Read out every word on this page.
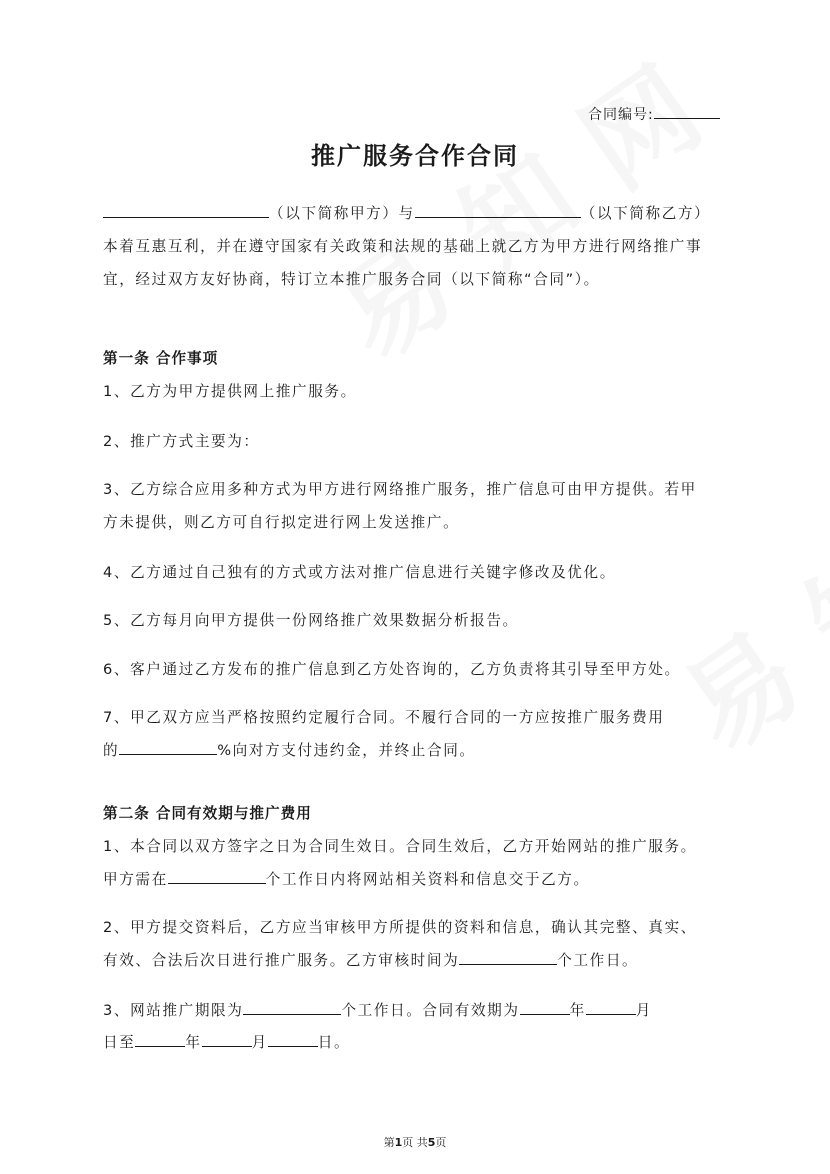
合同编号:
推广服务合作合同
（以下简称甲方）与	（以下简称乙方）
本着互惠互利，并在遵守国家有关政策和法规的基础上就乙方为甲方进行网络推广事
宜，经过双方友好协商，特订立本推广服务合同（以下简称“合同”）。
第一条 合作事项
1、乙方为甲方提供网上推广服务。
2、推广方式主要为：
3、乙方综合应用多种方式为甲方进行网络推广服务，推广信息可由甲方提供。若甲
方未提供，则乙方可自行拟定进行网上发送推广。
4、乙方通过自己独有的方式或方法对推广信息进行关键字修改及优化。
5、乙方每月向甲方提供一份网络推广效果数据分析报告。
6、客户通过乙方发布的推广信息到乙方处咨询的，乙方负责将其引导至甲方处。
7、甲乙双方应当严格按照约定履行合同。不履行合同的一方应按推广服务费用
的	%向对方支付违约金，并终止合同。
第二条 合同有效期与推广费用
1、本合同以双方签字之日为合同生效日。合同生效后，乙方开始网站的推广服务。
甲方需在	个工作日内将网站相关资料和信息交于乙方。
2、甲方提交资料后，乙方应当审核甲方所提供的资料和信息，确认其完整、真实、
有效、合法后次日进行推广服务。乙方审核时间为	个工作日。
3、网站推广期限为	个工作日。合同有效期为	年	月
日至	年	月	日。
第1页 共5页
